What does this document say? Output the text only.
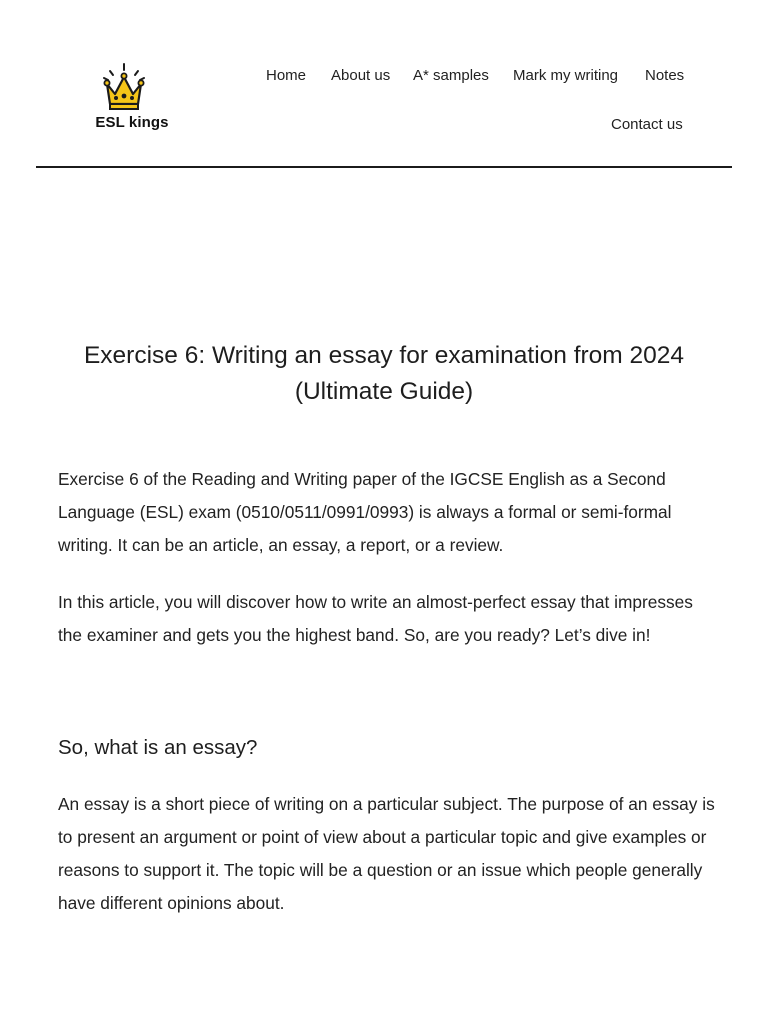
ESL kings
Home About us A* samples Mark my writing Notes
Contact us
Exercise 6: Writing an essay for examination from 2024 (Ultimate Guide)

Exercise 6 of the Reading and Writing paper of the IGCSE English as a Second Language (ESL) exam (0510/0511/0991/0993) is always a formal or semi-formal writing. It can be an article, an essay, a report, or a review.

In this article, you will discover how to write an almost-perfect essay that impresses the examiner and gets you the highest band. So, are you ready? Let’s dive in!

So, what is an essay?

An essay is a short piece of writing on a particular subject. The purpose of an essay is to present an argument or point of view about a particular topic and give examples or reasons to support it. The topic will be a question or an issue which people generally have different opinions about.
